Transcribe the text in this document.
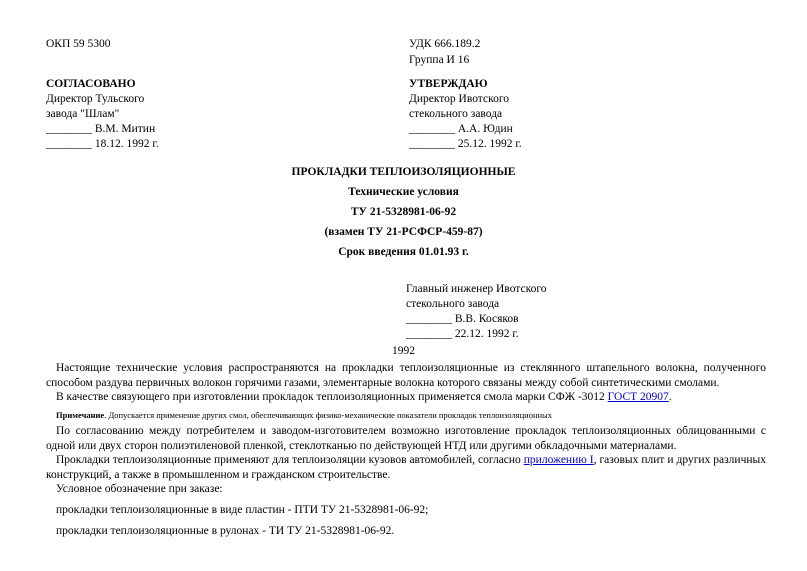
ОКП 59 5300	УДК 666.189.2
Группа И 16
СОГЛАСОВАНО
Директор Тульского
завода "Шлам"
________ В.М. Митин
________ 18.12. 1992 г.
УТВЕРЖДАЮ
Директор Ивотского
стекольного завода
________ А.А. Юдин
________ 25.12. 1992 г.
ПРОКЛАДКИ ТЕПЛОИЗОЛЯЦИОННЫЕ
Технические условия
ТУ 21-5328981-06-92
(взамен ТУ 21-РСФСР-459-87)
Срок введения 01.01.93 г.
Главный инженер Ивотского
стекольного завода
________ В.В. Косяков
________ 22.12. 1992 г.
1992
Настоящие технические условия распространяются на прокладки теплоизоляционные из стеклянного штапельного волокна, полученного способом раздува первичных волокон горячими газами, элементарные волокна которого связаны между собой синтетическими смолами.
В качестве связующего при изготовлении прокладок теплоизоляционных применяется смола марки СФЖ -3012 ГОСТ 20907.
Примечание. Допускается применение других смол, обеспечивающих физико-механические показатели прокладок теплоизоляционных
По согласованию между потребителем и заводом-изготовителем возможно изготовление прокладок теплоизоляционных облицованными с одной или двух сторон полиэтиленовой пленкой, стеклотканью по действующей НТД или другими обкладочными материалами.
Прокладки теплоизоляционные применяют для теплоизоляции кузовов автомобилей, согласно приложению I, газовых плит и других различных конструкций, а также в промышленном и гражданском строительстве.
Условное обозначение при заказе:
прокладки теплоизоляционные в виде пластин - ПТИ ТУ 21-5328981-06-92;
прокладки теплоизоляционные в рулонах - ТИ ТУ 21-5328981-06-92.
